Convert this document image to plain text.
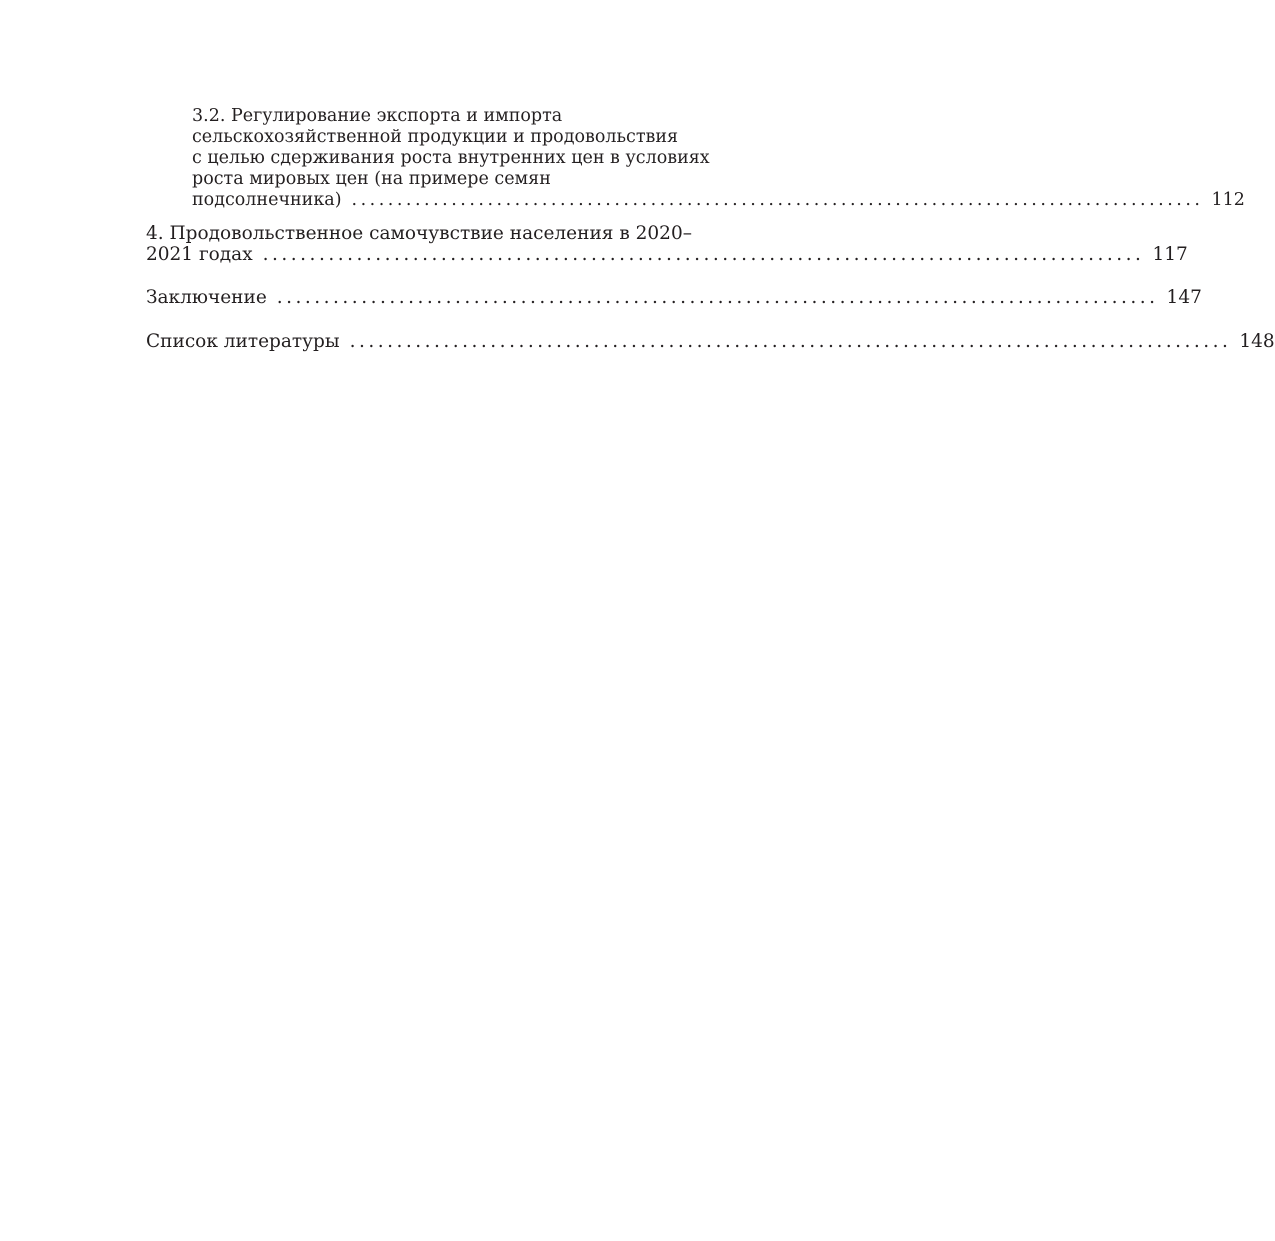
3.2. Регулирование экспорта и импорта
сельскохозяйственной продукции и продовольствия
с целью сдерживания роста внутренних цен в условиях
роста мировых цен (на примере семян
подсолнечника) .............................................................................................. 112
4. Продовольственное самочувствие населения в 2020–
2021 годах .............................................................................................. 117
Заключение .............................................................................................. 147
Список литературы .............................................................................................. 148
